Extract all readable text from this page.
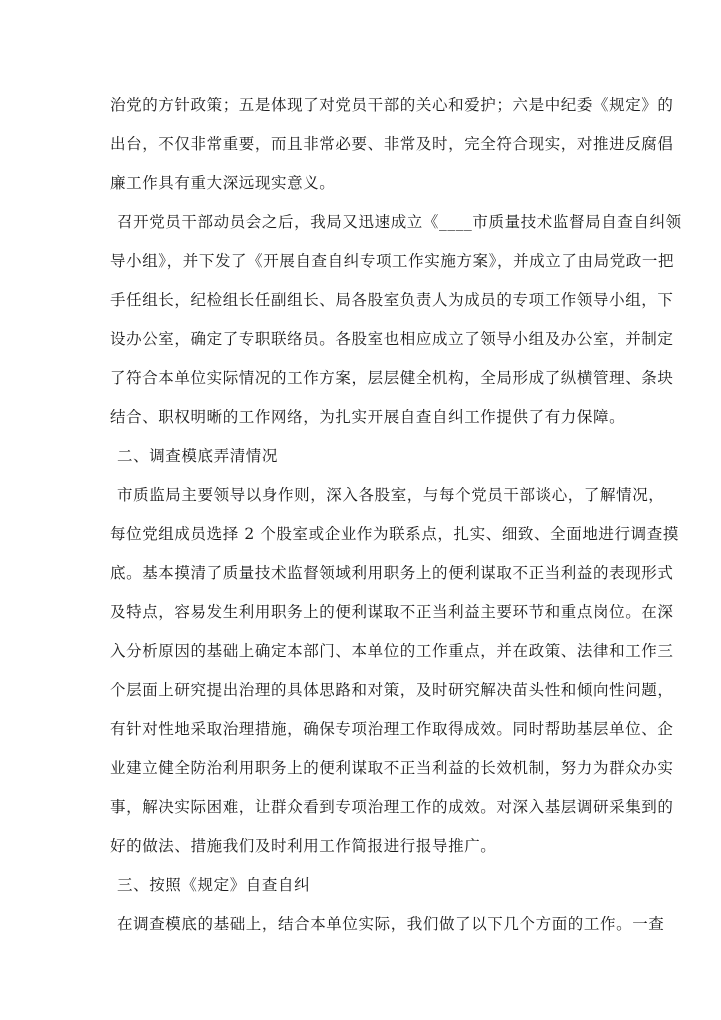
治党的方针政策；五是体现了对党员干部的关心和爱护；六是中纪委《规定》的
出台，不仅非常重要，而且非常必要、非常及时，完全符合现实，对推进反腐倡
廉工作具有重大深远现实意义。
召开党员干部动员会之后，我局又迅速成立《____市质量技术监督局自查自纠领
导小组》，并下发了《开展自查自纠专项工作实施方案》，并成立了由局党政一把
手任组长，纪检组长任副组长、局各股室负责人为成员的专项工作领导小组，下
设办公室，确定了专职联络员。各股室也相应成立了领导小组及办公室，并制定
了符合本单位实际情况的工作方案，层层健全机构，全局形成了纵横管理、条块
结合、职权明晰的工作网络，为扎实开展自查自纠工作提供了有力保障。
二、调查模底弄清情况
市质监局主要领导以身作则，深入各股室，与每个党员干部谈心，了解情况，
每位党组成员选择 2 个股室或企业作为联系点，扎实、细致、全面地进行调查摸
底。基本摸清了质量技术监督领域利用职务上的便利谋取不正当利益的表现形式
及特点，容易发生利用职务上的便利谋取不正当利益主要环节和重点岗位。在深
入分析原因的基础上确定本部门、本单位的工作重点，并在政策、法律和工作三
个层面上研究提出治理的具体思路和对策，及时研究解决苗头性和倾向性问题，
有针对性地采取治理措施，确保专项治理工作取得成效。同时帮助基层单位、企
业建立健全防治利用职务上的便利谋取不正当利益的长效机制，努力为群众办实
事，解决实际困难，让群众看到专项治理工作的成效。对深入基层调研采集到的
好的做法、措施我们及时利用工作简报进行报导推广。
三、按照《规定》自查自纠
在调查模底的基础上，结合本单位实际，我们做了以下几个方面的工作。一查
